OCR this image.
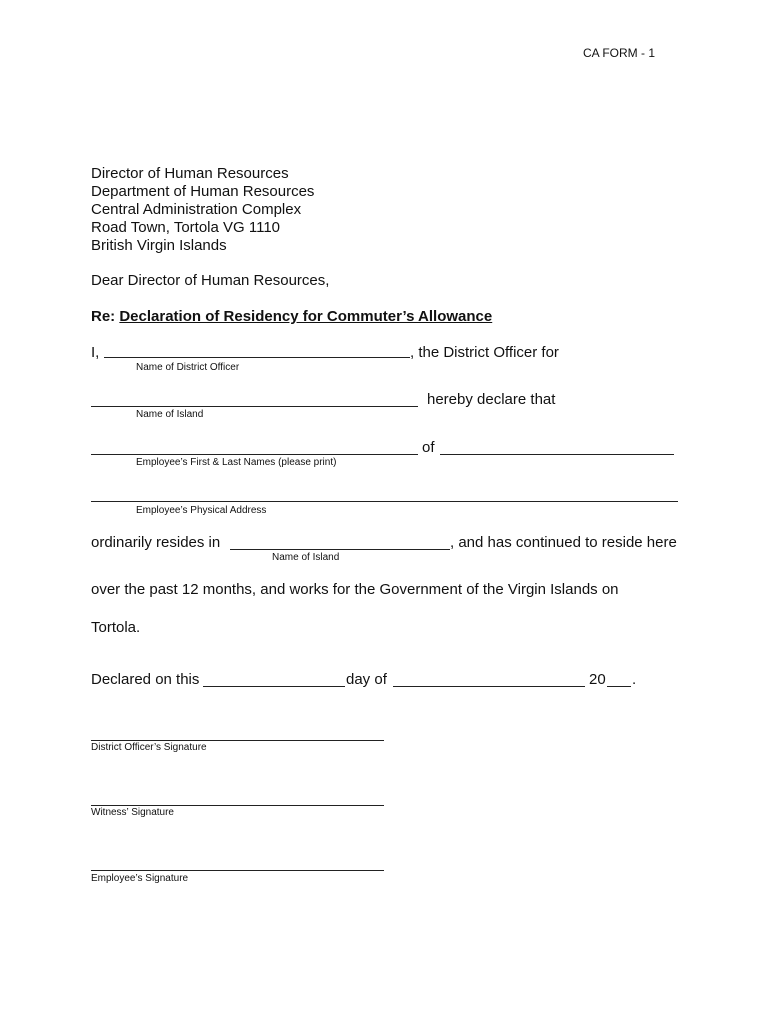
CA FORM - 1
Director of Human Resources
Department of Human Resources
Central Administration Complex
Road Town, Tortola VG 1110
British Virgin Islands
Dear Director of Human Resources,
Re: Declaration of Residency for Commuter’s Allowance
I,	, the District Officer for
Name of District Officer
hereby declare that
Name of Island
of
Employee’s First & Last Names (please print)
Employee’s Physical Address
ordinarily resides in	, and has continued to reside here
Name of Island
over the past 12 months, and works for the Government of the Virgin Islands on
Tortola.
Declared on this	day of	20 .
District Officer’s Signature
Witness’ Signature
Employee’s Signature
